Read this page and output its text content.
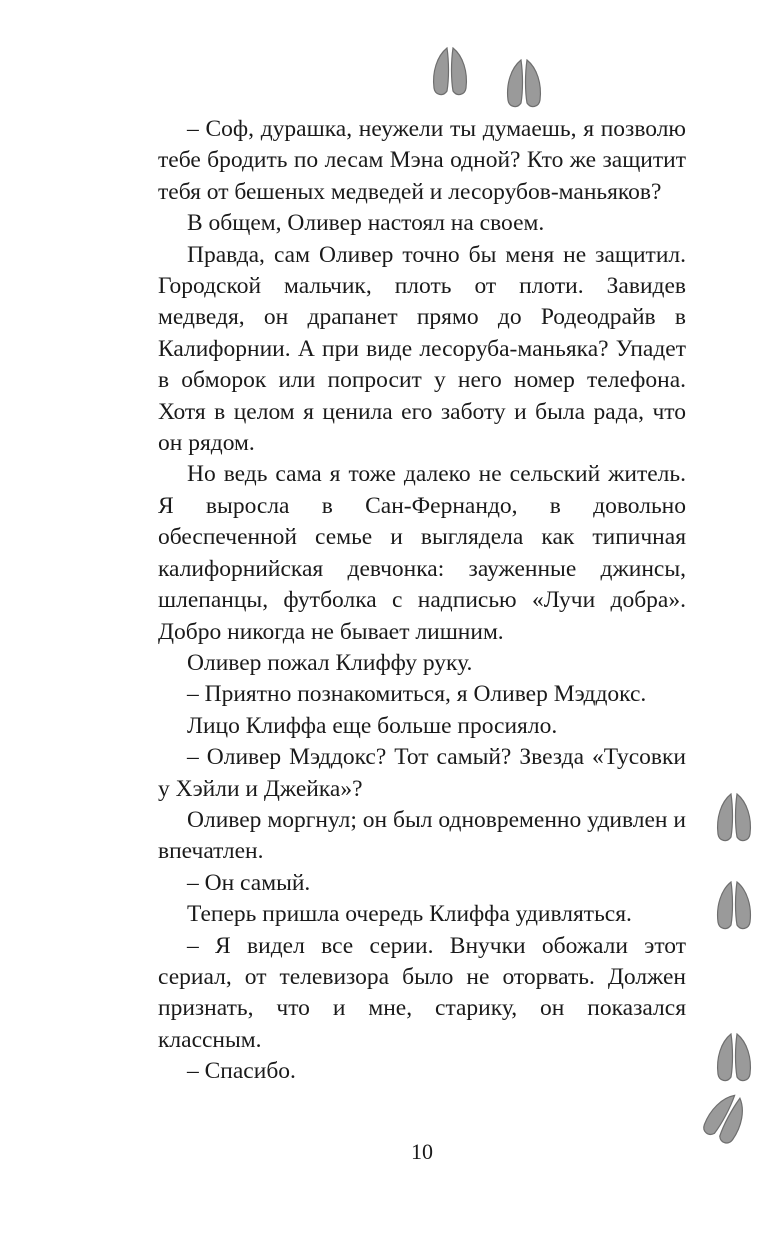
– Соф, дурашка, неужели ты думаешь, я позволю тебе бродить по лесам Мэна одной? Кто же защитит тебя от бешеных медведей и лесорубов-маньяков?

В общем, Оливер настоял на своем.

Правда, сам Оливер точно бы меня не защитил. Городской мальчик, плоть от плоти. Завидев медведя, он драпанет прямо до Родеодрайв в Калифорнии. А при виде лесоруба-маньяка? Упадет в обморок или попросит у него номер телефона. Хотя в целом я ценила его заботу и была рада, что он рядом.

Но ведь сама я тоже далеко не сельский житель. Я выросла в Сан-Фернандо, в довольно обеспеченной семье и выглядела как типичная калифорнийская девчонка: зауженные джинсы, шлепанцы, футболка с надписью «Лучи добра». Добро никогда не бывает лишним.

Оливер пожал Клиффу руку.

– Приятно познакомиться, я Оливер Мэддокс.

Лицо Клиффа еще больше просияло.

– Оливер Мэддокс? Тот самый? Звезда «Тусовки у Хэйли и Джейка»?

Оливер моргнул; он был одновременно удивлен и впечатлен.

– Он самый.

Теперь пришла очередь Клиффа удивляться.

– Я видел все серии. Внучки обожали этот сериал, от телевизора было не оторвать. Должен признать, что и мне, старику, он показался классным.

– Спасибо.

10
